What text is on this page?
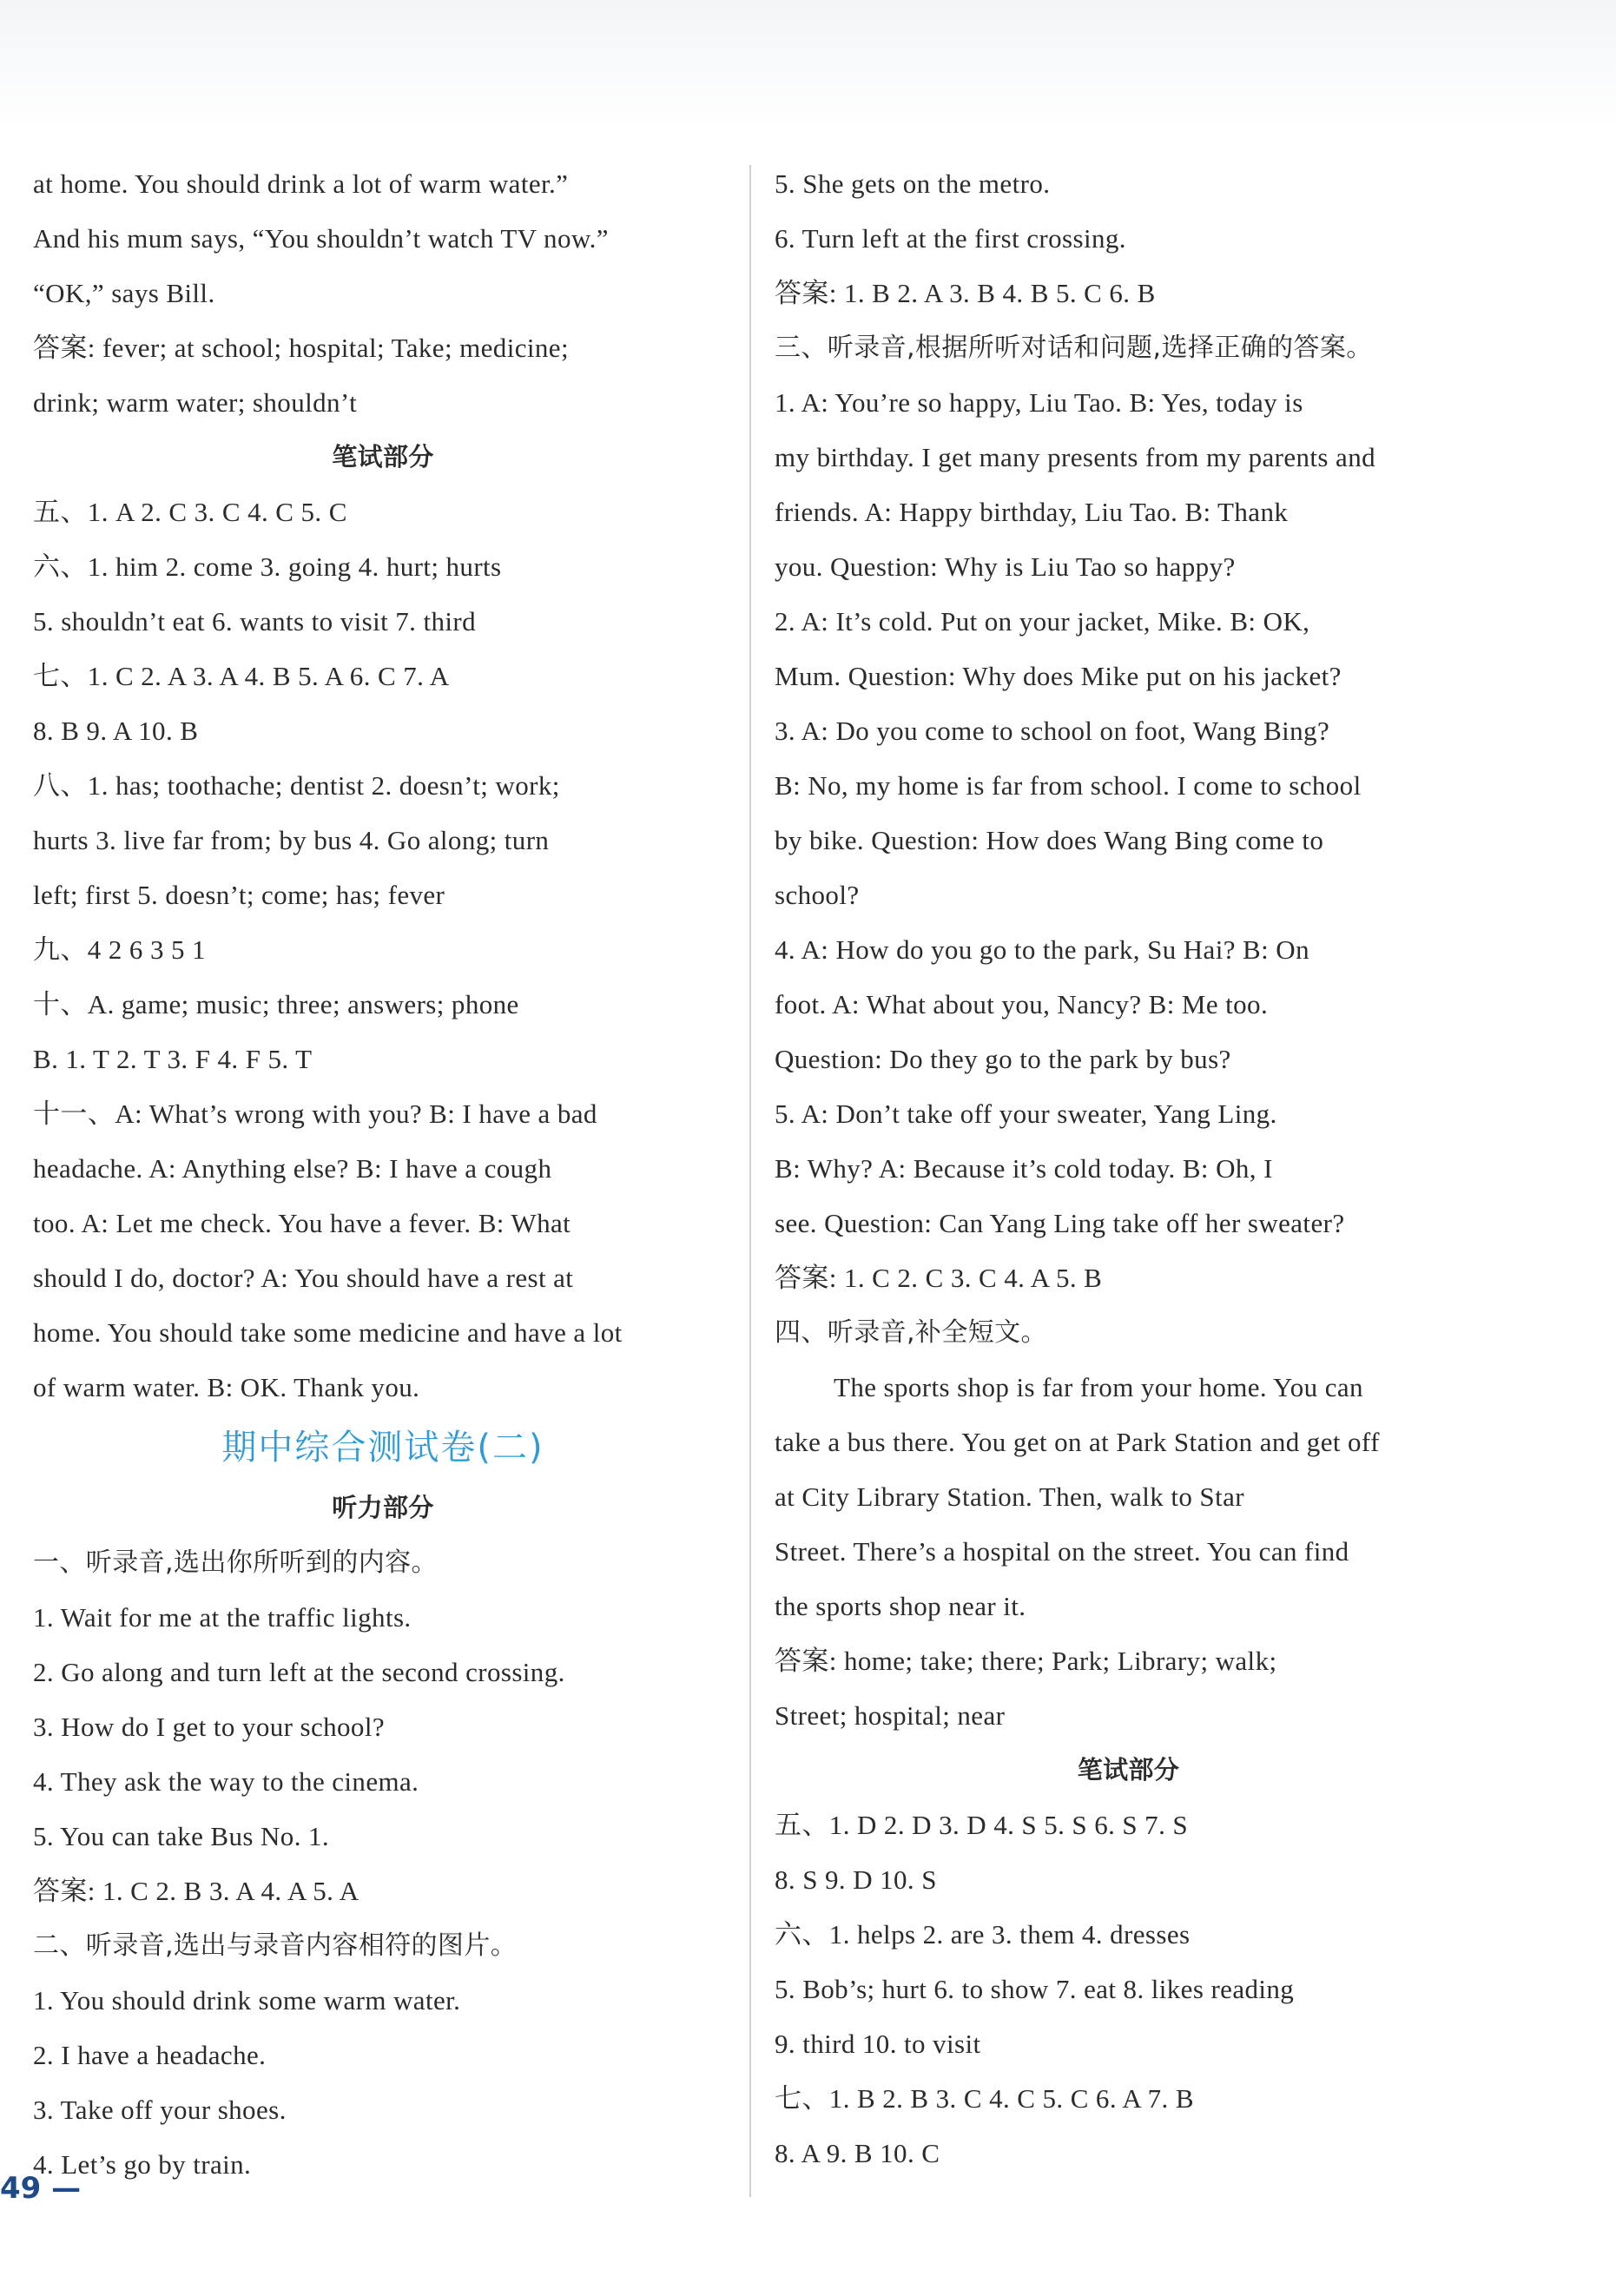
at home. You should drink a lot of warm water.”
And his mum says, “You shouldn’t watch TV now.”
“OK,” says Bill.
答案: fever; at school; hospital; Take; medicine;
drink; warm water; shouldn’t
笔试部分
五、1. A 2. C 3. C 4. C 5. C
六、1. him 2. come 3. going 4. hurt; hurts
5. shouldn’t eat 6. wants to visit 7. third
七、1. C 2. A 3. A 4. B 5. A 6. C 7. A
8. B 9. A 10. B
八、1. has; toothache; dentist 2. doesn’t; work;
hurts 3. live far from; by bus 4. Go along; turn
left; first 5. doesn’t; come; has; fever
九、4 2 6 3 5 1
十、A. game; music; three; answers; phone
B. 1. T 2. T 3. F 4. F 5. T
十一、A: What’s wrong with you? B: I have a bad
headache. A: Anything else? B: I have a cough
too. A: Let me check. You have a fever. B: What
should I do, doctor? A: You should have a rest at
home. You should take some medicine and have a lot
of warm water. B: OK. Thank you.
期中综合测试卷(二)
听力部分
一、听录音,选出你所听到的内容。
1. Wait for me at the traffic lights.
2. Go along and turn left at the second crossing.
3. How do I get to your school?
4. They ask the way to the cinema.
5. You can take Bus No. 1.
答案: 1. C 2. B 3. A 4. A 5. A
二、听录音,选出与录音内容相符的图片。
1. You should drink some warm water.
2. I have a headache.
3. Take off your shoes.
4. Let’s go by train.
5. She gets on the metro.
6. Turn left at the first crossing.
答案: 1. B 2. A 3. B 4. B 5. C 6. B
三、听录音,根据所听对话和问题,选择正确的答案。
1. A: You’re so happy, Liu Tao. B: Yes, today is
my birthday. I get many presents from my parents and
friends. A: Happy birthday, Liu Tao. B: Thank
you. Question: Why is Liu Tao so happy?
2. A: It’s cold. Put on your jacket, Mike. B: OK,
Mum. Question: Why does Mike put on his jacket?
3. A: Do you come to school on foot, Wang Bing?
B: No, my home is far from school. I come to school
by bike. Question: How does Wang Bing come to
school?
4. A: How do you go to the park, Su Hai? B: On
foot. A: What about you, Nancy? B: Me too.
Question: Do they go to the park by bus?
5. A: Don’t take off your sweater, Yang Ling.
B: Why? A: Because it’s cold today. B: Oh, I
see. Question: Can Yang Ling take off her sweater?
答案: 1. C 2. C 3. C 4. A 5. B
四、听录音,补全短文。
The sports shop is far from your home. You can
take a bus there. You get on at Park Station and get off
at City Library Station. Then, walk to Star
Street. There’s a hospital on the street. You can find
the sports shop near it.
答案: home; take; there; Park; Library; walk;
Street; hospital; near
笔试部分
五、1. D 2. D 3. D 4. S 5. S 6. S 7. S
8. S 9. D 10. S
六、1. helps 2. are 3. them 4. dresses
5. Bob’s; hurt 6. to show 7. eat 8. likes reading
9. third 10. to visit
七、1. B 2. B 3. C 4. C 5. C 6. A 7. B
8. A 9. B 10. C
49 —
